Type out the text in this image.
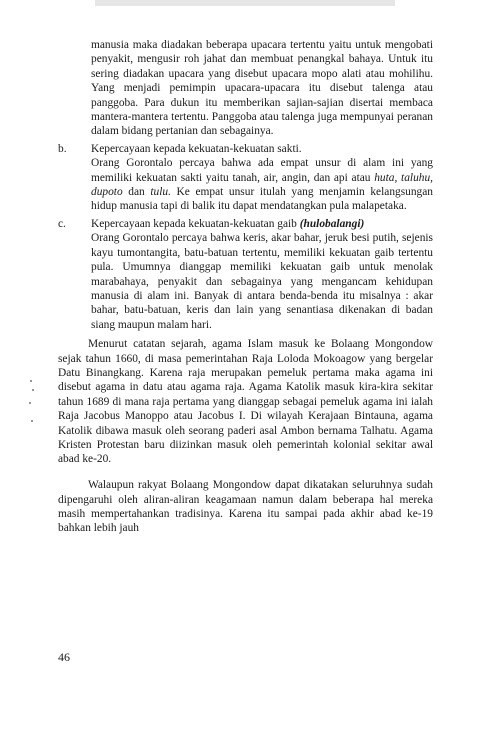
manusia maka diadakan beberapa upacara tertentu yaitu untuk mengobati penyakit, mengusir roh jahat dan membuat penangkal bahaya. Untuk itu sering diadakan upacara yang disebut upacara mopo alati atau mohilihu. Yang menjadi pemimpin upacara-upacara itu disebut talenga atau panggoba. Para dukun itu memberikan sajian-sajian disertai membaca mantera-mantera tertentu. Panggoba atau talenga juga mempunyai peranan dalam bidang pertanian dan sebagainya.

b. Kepercayaan kepada kekuatan-kekuatan sakti.
Orang Gorontalo percaya bahwa ada empat unsur di alam ini yang memiliki kekuatan sakti yaitu tanah, air, angin, dan api atau huta, taluhu, dupoto dan tulu. Ke empat unsur itulah yang menjamin kelangsungan hidup manusia tapi di balik itu dapat mendatangkan pula malapetaka.
c. Kepercayaan kepada kekuatan-kekuatan gaib (hulobalangi)
Orang Gorontalo percaya bahwa keris, akar bahar, jeruk besi putih, sejenis kayu tumontangita, batu-batuan tertentu, memiliki kekuatan gaib tertentu pula. Umumnya dianggap memiliki kekuatan gaib untuk menolak marabahaya, penyakit dan sebagainya yang mengancam kehidupan manusia di alam ini. Banyak di antara benda-benda itu misalnya : akar bahar, batu-batuan, keris dan lain yang senantiasa dikenakan di badan siang maupun malam hari.

Menurut catatan sejarah, agama Islam masuk ke Bolaang Mongondow sejak tahun 1660, di masa pemerintahan Raja Loloda Mokoagow yang bergelar Datu Binangkang. Karena raja merupakan pemeluk pertama maka agama ini disebut agama in datu atau agama raja. Agama Katolik masuk kira-kira sekitar tahun 1689 di mana raja pertama yang dianggap sebagai pemeluk agama ini ialah Raja Jacobus Manoppo atau Jacobus I. Di wilayah Kerajaan Bintauna, agama Katolik dibawa masuk oleh seorang paderi asal Ambon bernama Talhatu. Agama Kristen Protestan baru diizinkan masuk oleh pemerintah kolonial sekitar awal abad ke-20.

Walaupun rakyat Bolaang Mongondow dapat dikatakan seluruhnya sudah dipengaruhi oleh aliran-aliran keagamaan namun dalam beberapa hal mereka masih mempertahankan tradisinya. Karena itu sampai pada akhir abad ke-19 bahkan lebih jauh

46
